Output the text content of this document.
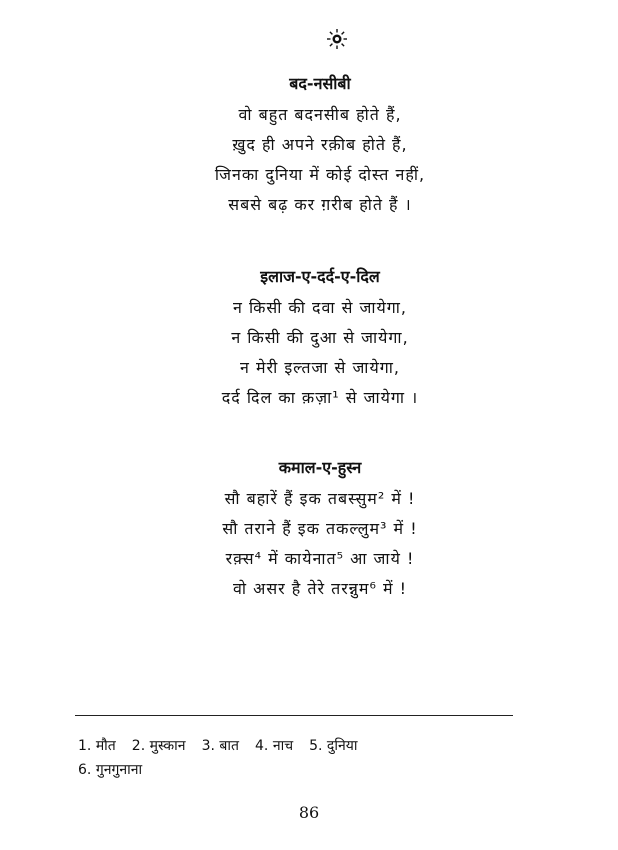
बद-नसीबी
वो बहुत बदनसीब होते हैं,
ख़ुद ही अपने रक़ीब होते हैं,
जिनका दुनिया में कोई दोस्त नहीं,
सबसे बढ़ कर ग़रीब होते हैं ।
इलाज-ए-दर्द-ए-दिल
न किसी की दवा से जायेगा,
न किसी की दुआ से जायेगा,
न मेरी इल्तजा से जायेगा,
दर्द दिल का क़ज़ा¹ से जायेगा ।
कमाल-ए-हुस्न
सौ बहारें हैं इक तबस्सुम² में !
सौ तराने हैं इक तकल्लुम³ में !
रक़्स⁴ में कायेनात⁵ आ जाये !
वो असर है तेरे तरन्नुम⁶ में !
1. मौत 2. मुस्कान 3. बात 4. नाच 5. दुनिया
6. गुनगुनाना
86
